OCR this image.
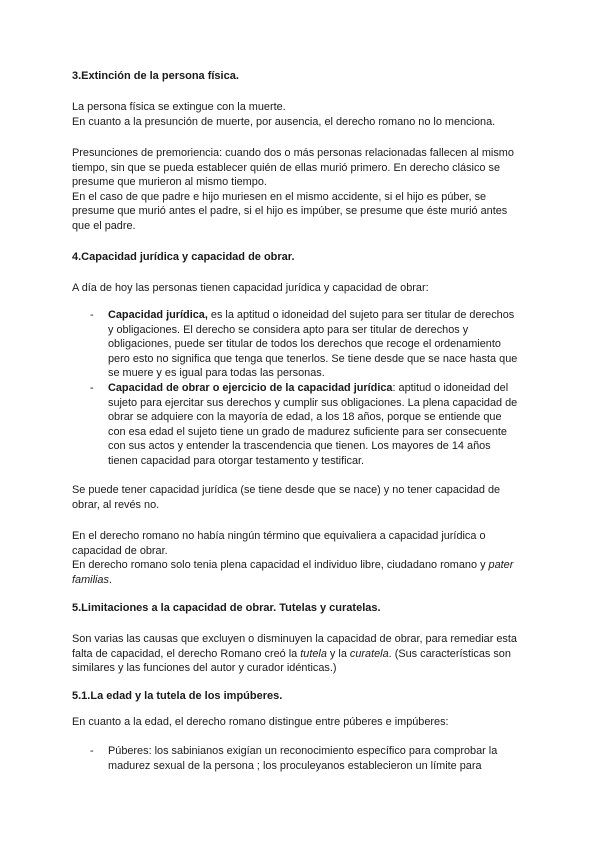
3.Extinción de la persona física.

La persona física se extingue con la muerte.
En cuanto a la presunción de muerte, por ausencia, el derecho romano no lo menciona.

Presunciones de premoriencia: cuando dos o más personas relacionadas fallecen al mismo
tiempo, sin que se pueda establecer quién de ellas murió primero. En derecho clásico se
presume que murieron al mismo tiempo.
En el caso de que padre e hijo muriesen en el mismo accidente, si el hijo es púber, se
presume que murió antes el padre, si el hijo es impúber, se presume que éste murió antes
que el padre.

4.Capacidad jurídica y capacidad de obrar.

A día de hoy las personas tienen capacidad jurídica y capacidad de obrar:

- Capacidad jurídica, es la aptitud o idoneidad del sujeto para ser titular de derechos
y obligaciones. El derecho se considera apto para ser titular de derechos y
obligaciones, puede ser titular de todos los derechos que recoge el ordenamiento
pero esto no significa que tenga que tenerlos. Se tiene desde que se nace hasta que
se muere y es igual para todas las personas.
- Capacidad de obrar o ejercicio de la capacidad jurídica: aptitud o idoneidad del
sujeto para ejercitar sus derechos y cumplir sus obligaciones. La plena capacidad de
obrar se adquiere con la mayoría de edad, a los 18 años, porque se entiende que
con esa edad el sujeto tiene un grado de madurez suficiente para ser consecuente
con sus actos y entender la trascendencia que tienen. Los mayores de 14 años
tienen capacidad para otorgar testamento y testificar.

Se puede tener capacidad jurídica (se tiene desde que se nace) y no tener capacidad de
obrar, al revés no.

En el derecho romano no había ningún término que equivaliera a capacidad jurídica o
capacidad de obrar.
En derecho romano solo tenia plena capacidad el individuo libre, ciudadano romano y pater
familias.

5.Limitaciones a la capacidad de obrar. Tutelas y curatelas.

Son varias las causas que excluyen o disminuyen la capacidad de obrar, para remediar esta
falta de capacidad, el derecho Romano creó la tutela y la curatela. (Sus características son
similares y las funciones del autor y curador idénticas.)

5.1.La edad y la tutela de los impúberes.

En cuanto a la edad, el derecho romano distingue entre púberes e impúberes:

- Púberes: los sabinianos exigían un reconocimiento específico para comprobar la
madurez sexual de la persona ; los proculeyanos establecieron un límite para
